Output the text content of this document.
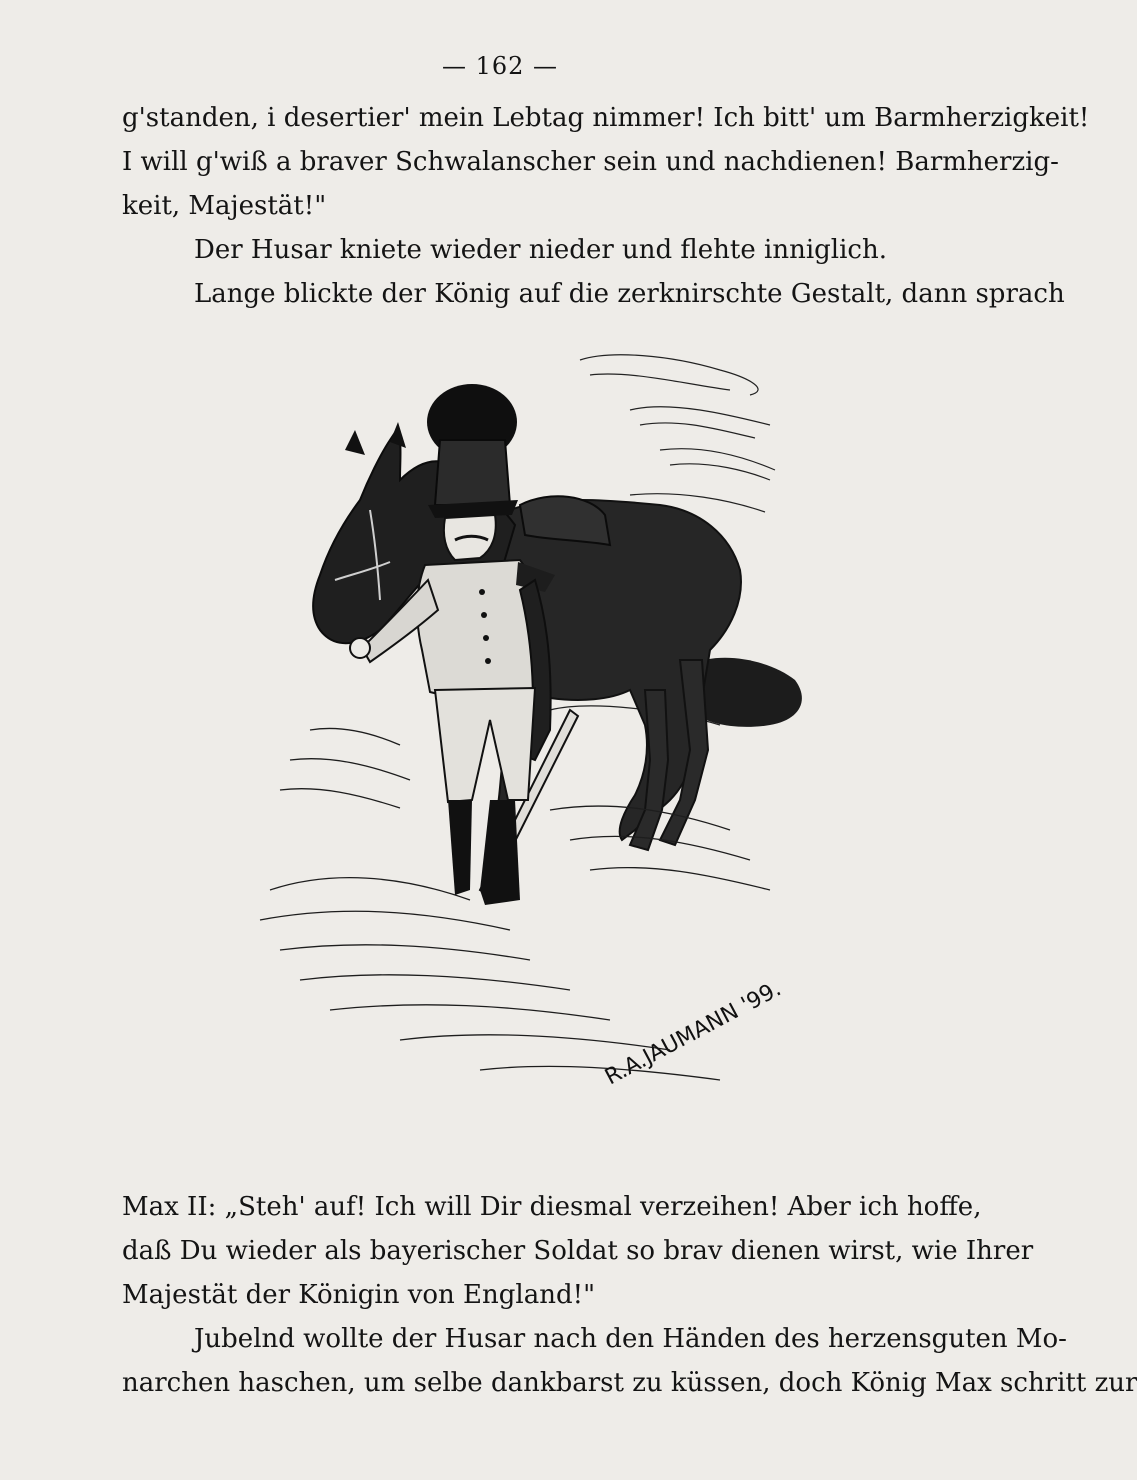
— 162 —
g'standen, i desertier' mein Lebtag nimmer! Ich bitt' um Barmherzigkeit!
I will g'wiß a braver Schwalanscher sein und nachdienen! Barmherzig-
keit, Majestät!"
Der Husar kniete wieder nieder und flehte inniglich.
Lange blickte der König auf die zerknirschte Gestalt, dann sprach
R.A.JAUMANN '99.
Max II: „Steh' auf! Ich will Dir diesmal verzeihen! Aber ich hoffe,
daß Du wieder als bayerischer Soldat so brav dienen wirst, wie Ihrer
Majestät der Königin von England!"
Jubelnd wollte der Husar nach den Händen des herzensguten Mo-
narchen haschen, um selbe dankbarst zu küssen, doch König Max schritt zur
